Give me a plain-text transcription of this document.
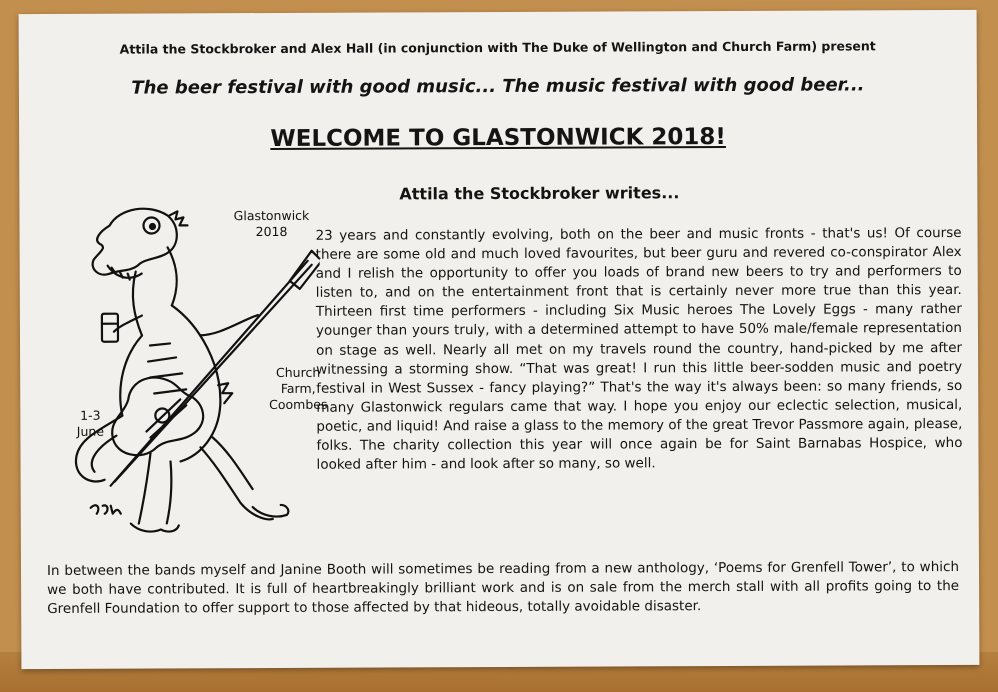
Attila the Stockbroker and Alex Hall (in conjunction with The Duke of Wellington and Church Farm) present
The beer festival with good music... The music festival with good beer...
WELCOME TO GLASTONWICK 2018!
Attila the Stockbroker writes...
Glastonwick
2018
Church
Farm,
Coombes
1-3
June
23 years and constantly evolving, both on the beer and music fronts - that's us! Of course there are some old and much loved favourites, but beer guru and revered co-conspirator Alex and I relish the opportunity to offer you loads of brand new beers to try and performers to listen to, and on the entertainment front that is certainly never more true than this year. Thirteen first time performers - including Six Music heroes The Lovely Eggs - many rather younger than yours truly, with a determined attempt to have 50% male/female representation on stage as well. Nearly all met on my travels round the country, hand-picked by me after witnessing a storming show. “That was great! I run this little beer-sodden music and poetry festival in West Sussex - fancy playing?” That's the way it's always been: so many friends, so many Glastonwick regulars came that way. I hope you enjoy our eclectic selection, musical, poetic, and liquid! And raise a glass to the memory of the great Trevor Passmore again, please, folks. The charity collection this year will once again be for Saint Barnabas Hospice, who looked after him - and look after so many, so well.
In between the bands myself and Janine Booth will sometimes be reading from a new anthology, ‘Poems for Grenfell Tower’, to which we both have contributed. It is full of heartbreakingly brilliant work and is on sale from the merch stall with all profits going to the Grenfell Foundation to offer support to those affected by that hideous, totally avoidable disaster.
